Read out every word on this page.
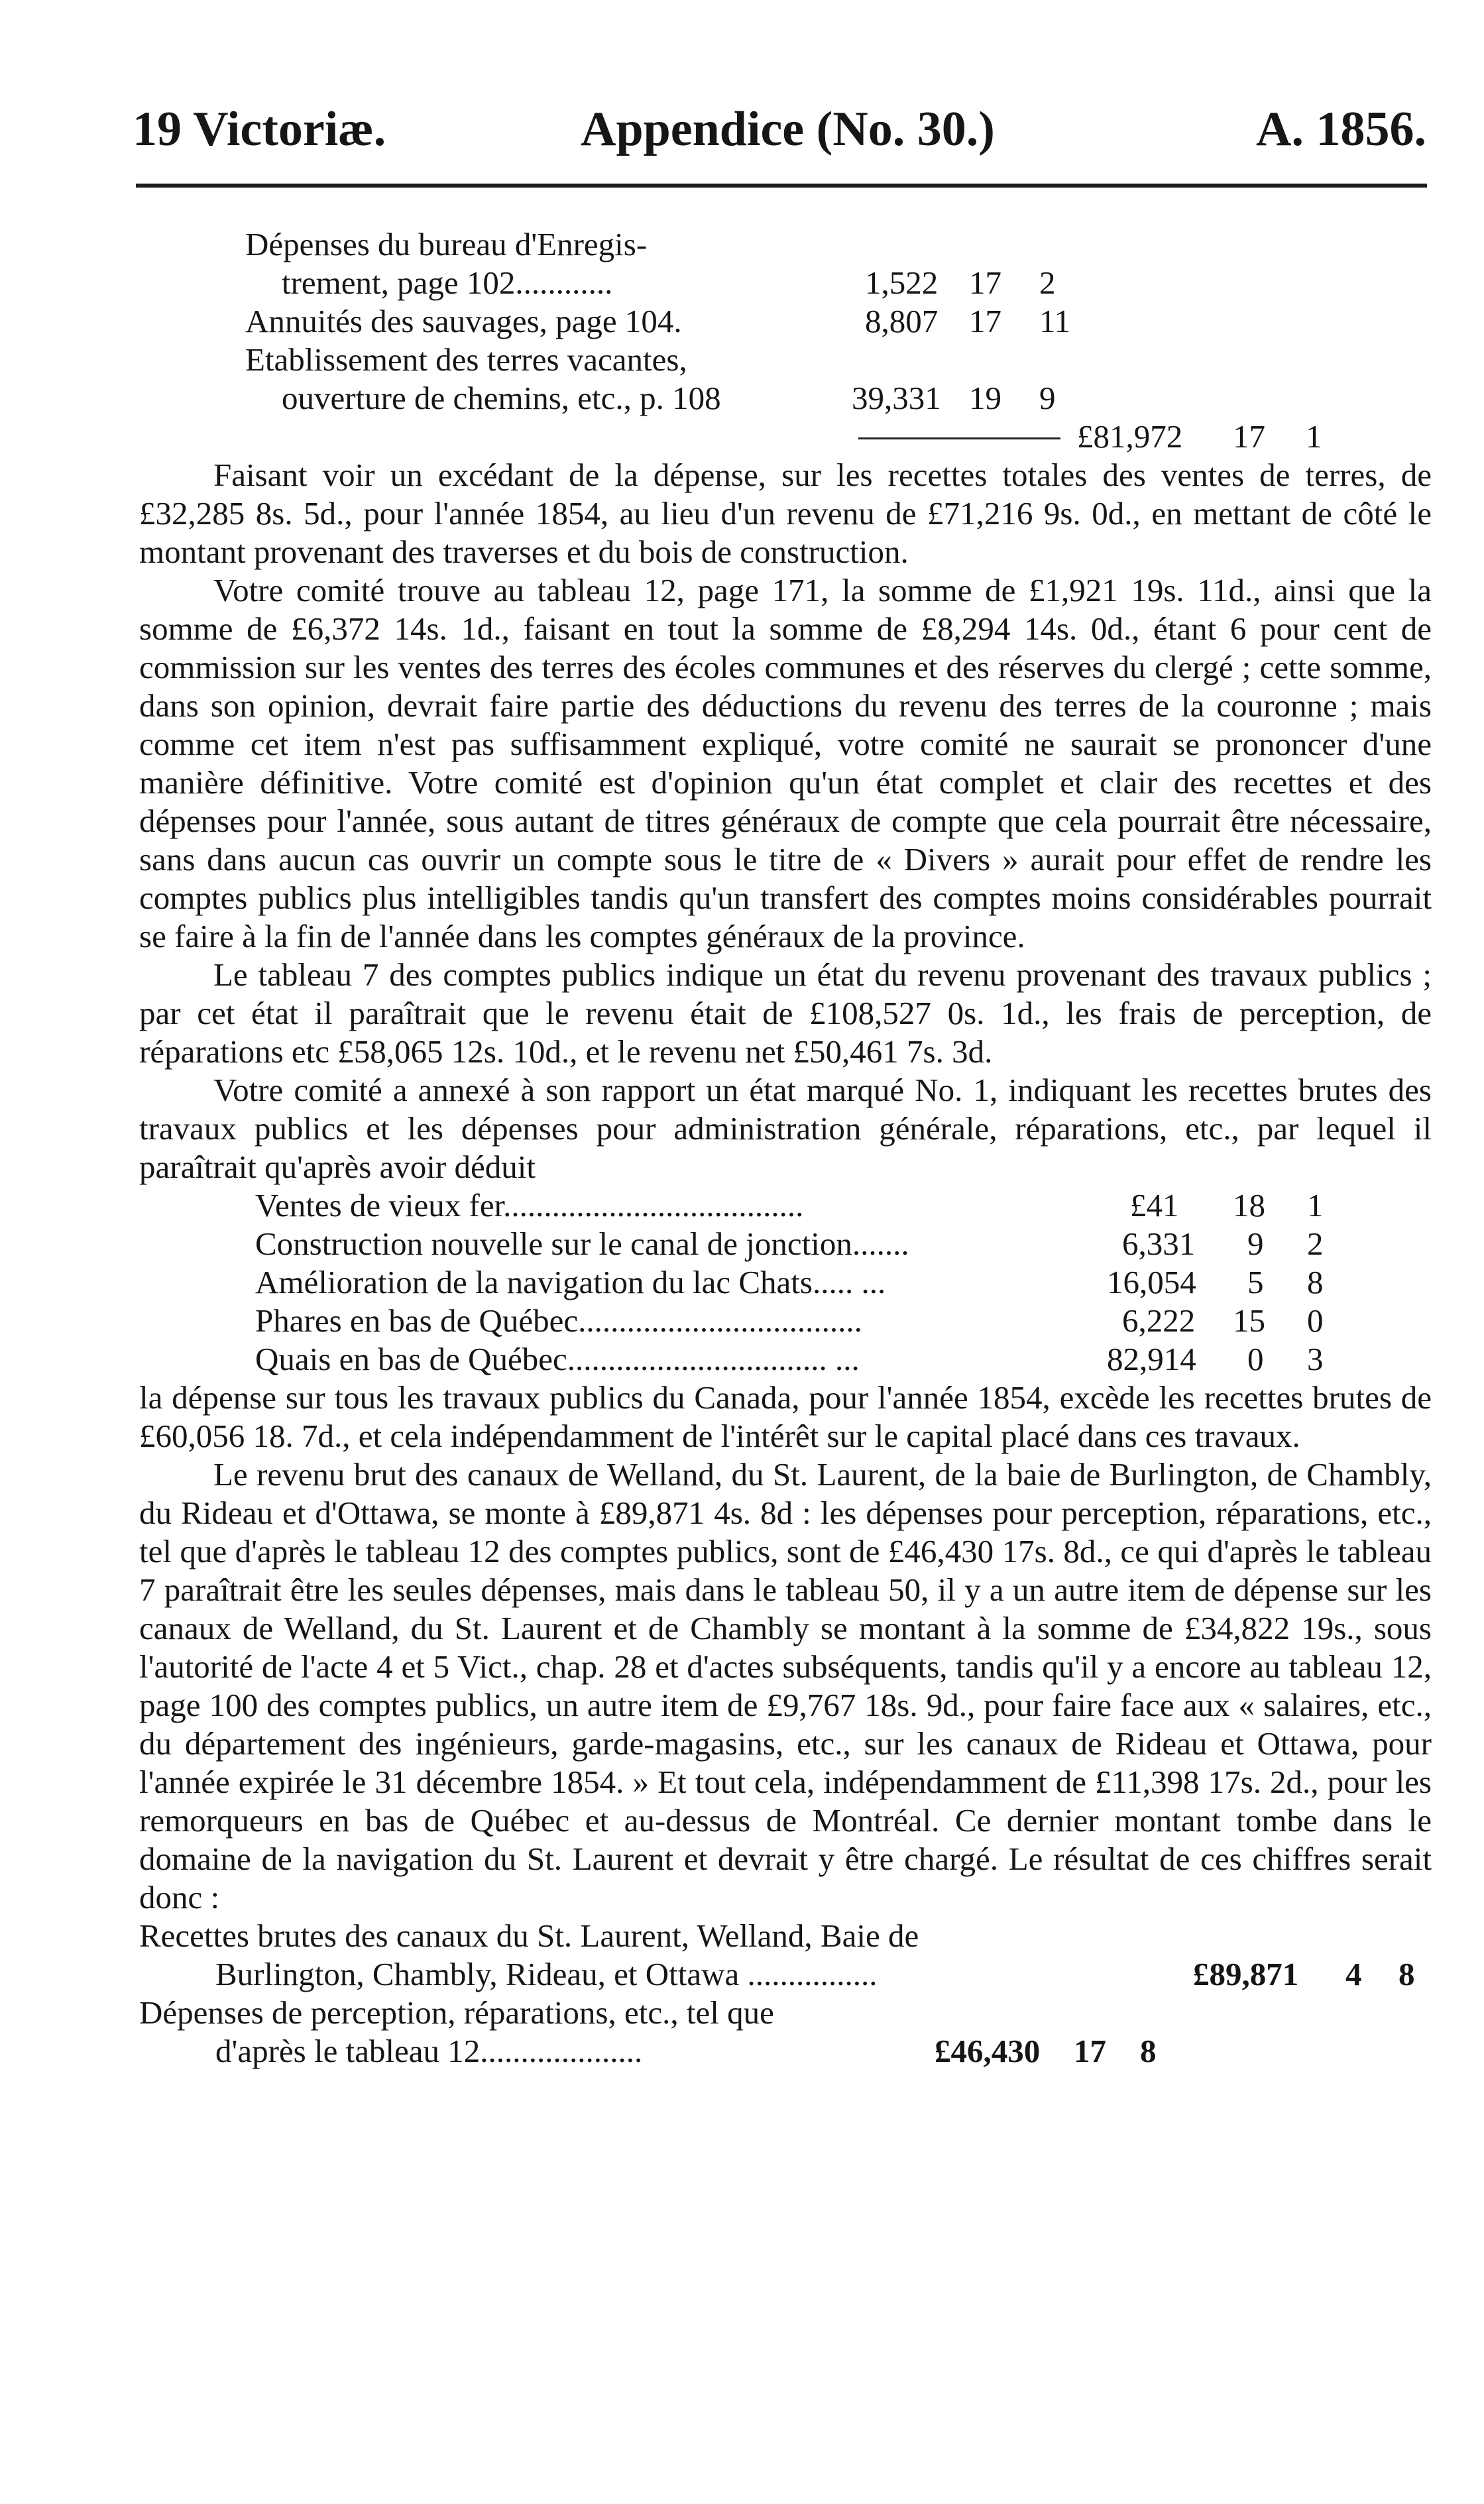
19 Victoriæ.	Appendice (No. 30.)	A. 1856.
Dépenses du bureau d'Enregis-
trement, page 102............	1,522 17 2
Annuités des sauvages, page 104.	8,807 17 11
Etablissement des terres vacantes,
ouverture de chemins, etc., p. 108	39,331 19 9
£81,972 17 1

Faisant voir un excédant de la dépense, sur les recettes totales des ventes de terres, de £32,285 8s. 5d., pour l'année 1854, au lieu d'un revenu de £71,216 9s. 0d., en mettant de côté le montant provenant des traverses et du bois de construction.

Votre comité trouve au tableau 12, page 171, la somme de £1,921 19s. 11d., ainsi que la somme de £6,372 14s. 1d., faisant en tout la somme de £8,294 14s. 0d., étant 6 pour cent de commission sur les ventes des terres des écoles communes et des réserves du clergé ; cette somme, dans son opinion, devrait faire partie des déductions du revenu des terres de la couronne ; mais comme cet item n'est pas suffisamment expliqué, votre comité ne saurait se prononcer d'une manière définitive. Votre comité est d'opinion qu'un état complet et clair des recettes et des dépenses pour l'année, sous autant de titres généraux de compte que cela pourrait être nécessaire, sans dans aucun cas ouvrir un compte sous le titre de « Divers » aurait pour effet de rendre les comptes publics plus intelligibles tandis qu'un transfert des comptes moins considérables pourrait se faire à la fin de l'année dans les comptes généraux de la province.

Le tableau 7 des comptes publics indique un état du revenu provenant des travaux publics ; par cet état il paraîtrait que le revenu était de £108,527 0s. 1d., les frais de perception, de réparations etc £58,065 12s. 10d., et le revenu net £50,461 7s. 3d.

Votre comité a annexé à son rapport un état marqué No. 1, indiquant les recettes brutes des travaux publics et les dépenses pour administration générale, réparations, etc., par lequel il paraîtrait qu'après avoir déduit

Ventes de vieux fer.....................................	£41 18 1
Construction nouvelle sur le canal de jonction.......	6,331 9 2
Amélioration de la navigation du lac Chats..... ...	16,054 5 8
Phares en bas de Québec...................................	6,222 15 0
Quais en bas de Québec................................ ...	82,914 0 3

la dépense sur tous les travaux publics du Canada, pour l'année 1854, excède les recettes brutes de £60,056 18. 7d., et cela indépendamment de l'intérêt sur le capital placé dans ces travaux.

Le revenu brut des canaux de Welland, du St. Laurent, de la baie de Burlington, de Chambly, du Rideau et d'Ottawa, se monte à £89,871 4s. 8d : les dépenses pour perception, réparations, etc., tel que d'après le tableau 12 des comptes publics, sont de £46,430 17s. 8d., ce qui d'après le tableau 7 paraîtrait être les seules dépenses, mais dans le tableau 50, il y a un autre item de dépense sur les canaux de Welland, du St. Laurent et de Chambly se montant à la somme de £34,822 19s., sous l'autorité de l'acte 4 et 5 Vict., chap. 28 et d'actes subséquents, tandis qu'il y a encore au tableau 12, page 100 des comptes publics, un autre item de £9,767 18s. 9d., pour faire face aux « salaires, etc., du département des ingénieurs, garde-magasins, etc., sur les canaux de Rideau et Ottawa, pour l'année expirée le 31 décembre 1854. » Et tout cela, indépendamment de £11,398 17s. 2d., pour les remorqueurs en bas de Québec et au-dessus de Montréal. Ce dernier montant tombe dans le domaine de la navigation du St. Laurent et devrait y être chargé. Le résultat de ces chiffres serait donc :

Recettes brutes des canaux du St. Laurent, Welland, Baie de
Burlington, Chambly, Rideau, et Ottawa ................	£89,871 4 8
Dépenses de perception, réparations, etc., tel que
d'après le tableau 12....................	£46,430 17 8
